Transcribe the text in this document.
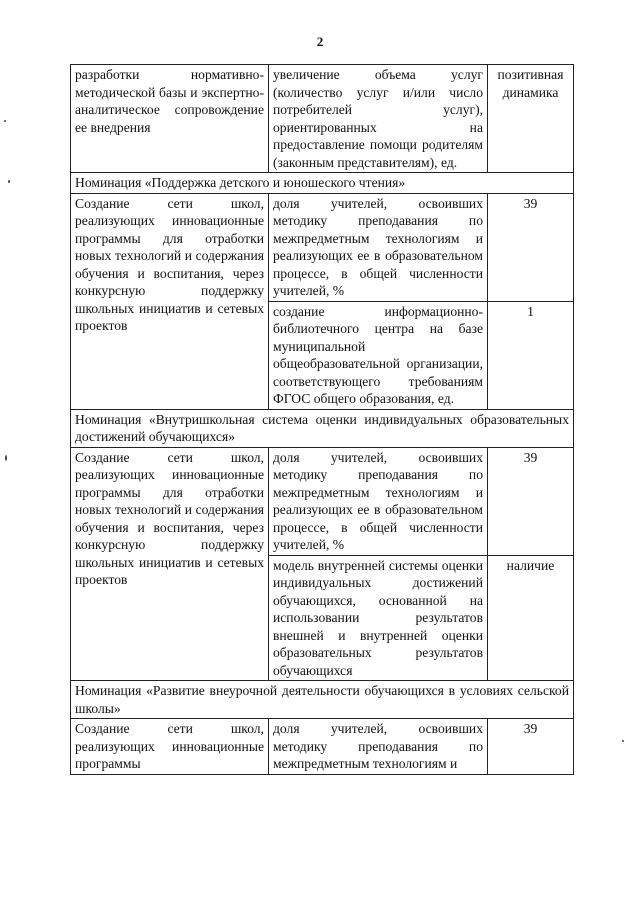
2
разработки нормативно-методической базы и экспертно-аналитическое сопровождение ее внедрения	увеличение объема услуг (количество услуг и/или число потребителей услуг), ориентированных на предоставление помощи родителям (законным представителям), ед.	позитивная динамика
Номинация «Поддержка детского и юношеского чтения»		
Создание сети школ, реализующих инновационные программы для отработки новых технологий и содержания обучения и воспитания, через конкурсную поддержку школьных инициатив и сетевых проектов	доля учителей, освоивших методику преподавания по межпредметным технологиям и реализующих ее в образовательном процессе, в общей численности учителей, %	39
	создание информационно-библиотечного центра на базе муниципальной общеобразовательной организации, соответствующего требованиям ФГОС общего образования, ед.	1
Номинация «Внутришкольная система оценки индивидуальных образовательных достижений обучающихся»		
Создание сети школ, реализующих инновационные программы для отработки новых технологий и содержания обучения и воспитания, через конкурсную поддержку школьных инициатив и сетевых проектов	доля учителей, освоивших методику преподавания по межпредметным технологиям и реализующих ее в образовательном процессе, в общей численности учителей, %	39
	модель внутренней системы оценки индивидуальных достижений обучающихся, основанной на использовании результатов внешней и внутренней оценки образовательных результатов обучающихся	наличие
Номинация «Развитие внеурочной деятельности обучающихся в условиях сельской школы»		
Создание сети школ, реализующих инновационные программы	доля учителей, освоивших методику преподавания по межпредметным технологиям и	39
